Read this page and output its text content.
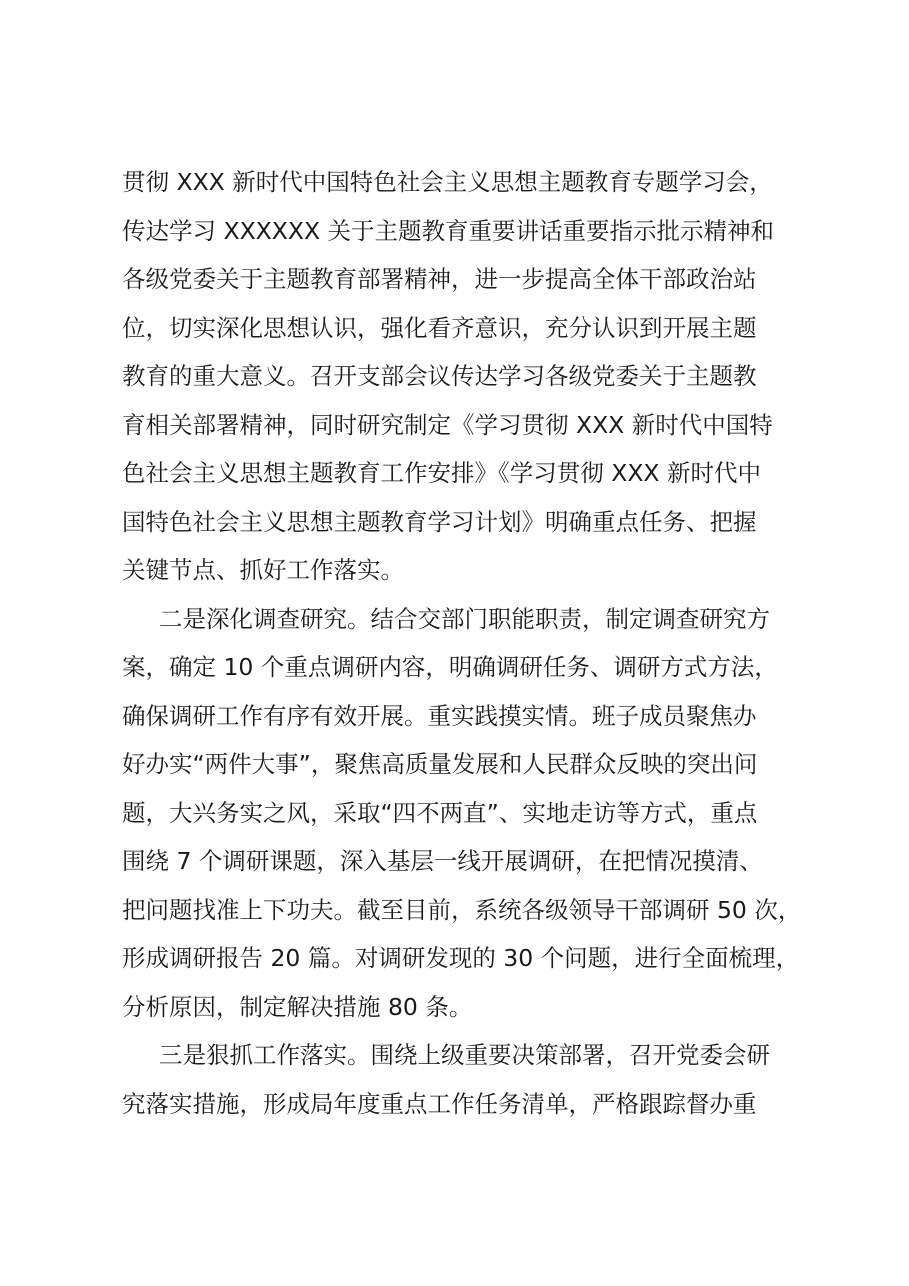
贯彻 XXX 新时代中国特色社会主义思想主题教育专题学习会，
传达学习 XXXXXX 关于主题教育重要讲话重要指示批示精神和
各级党委关于主题教育部署精神，进一步提高全体干部政治站
位，切实深化思想认识，强化看齐意识，充分认识到开展主题
教育的重大意义。召开支部会议传达学习各级党委关于主题教
育相关部署精神，同时研究制定《学习贯彻 XXX 新时代中国特
色社会主义思想主题教育工作安排》《学习贯彻 XXX 新时代中
国特色社会主义思想主题教育学习计划》明确重点任务、把握
关键节点、抓好工作落实。
二是深化调查研究。结合交部门职能职责，制定调查研究方
案，确定 10 个重点调研内容，明确调研任务、调研方式方法，
确保调研工作有序有效开展。重实践摸实情。班子成员聚焦办
好办实“两件大事”，聚焦高质量发展和人民群众反映的突出问
题，大兴务实之风，采取“四不两直”、实地走访等方式，重点
围绕 7 个调研课题，深入基层一线开展调研，在把情况摸清、
把问题找准上下功夫。截至目前，系统各级领导干部调研 50 次，
形成调研报告 20 篇。对调研发现的 30 个问题，进行全面梳理，
分析原因，制定解决措施 80 条。
三是狠抓工作落实。围绕上级重要决策部署，召开党委会研
究落实措施，形成局年度重点工作任务清单，严格跟踪督办重
